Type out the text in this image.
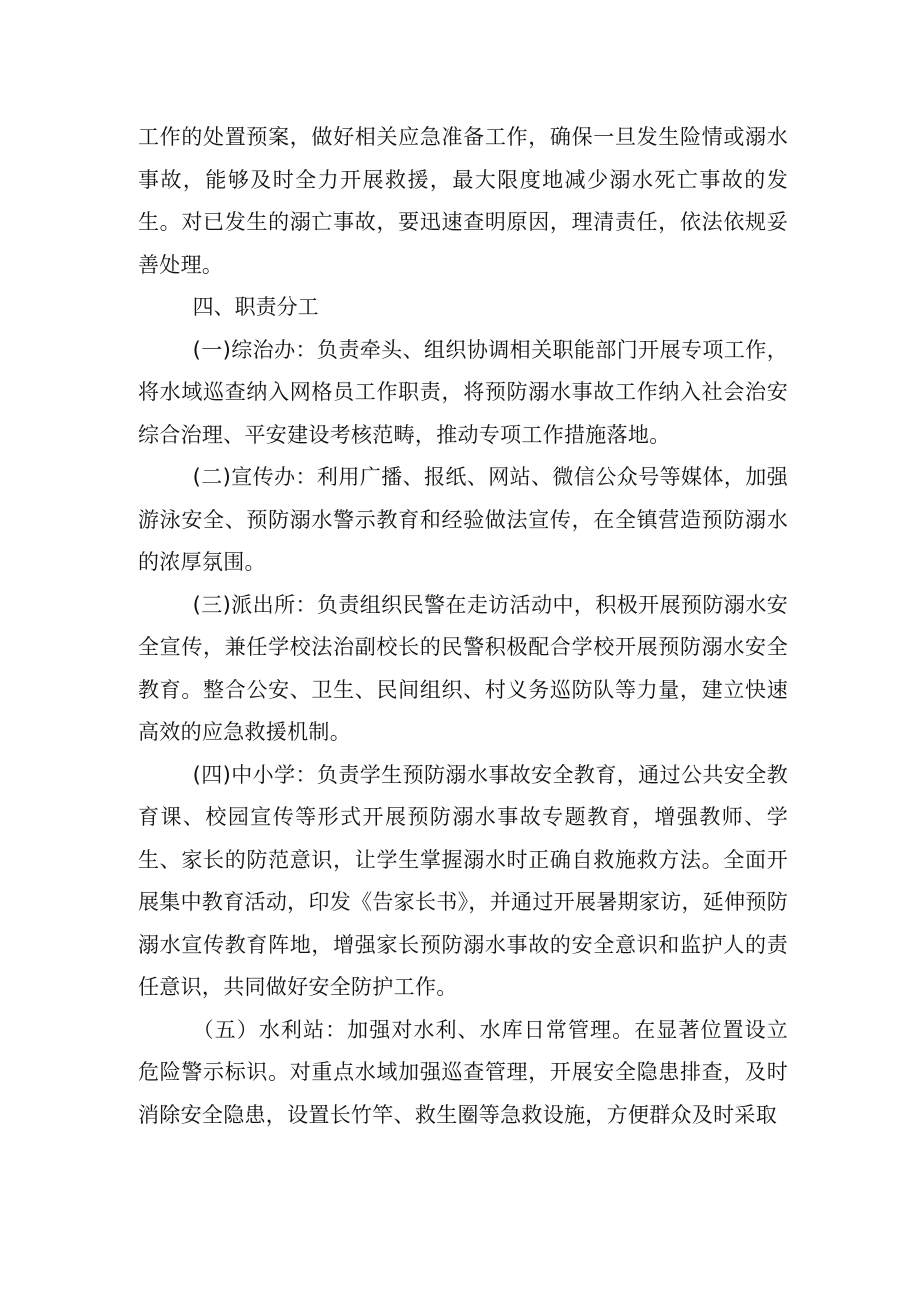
工作的处置预案，做好相关应急准备工作，确保一旦发生险情或溺水事故，能够及时全力开展救援，最大限度地减少溺水死亡事故的发生。对已发生的溺亡事故，要迅速查明原因，理清责任，依法依规妥善处理。

四、职责分工

(一)综治办：负责牵头、组织协调相关职能部门开展专项工作，将水域巡查纳入网格员工作职责，将预防溺水事故工作纳入社会治安综合治理、平安建设考核范畴，推动专项工作措施落地。

(二)宣传办：利用广播、报纸、网站、微信公众号等媒体，加强游泳安全、预防溺水警示教育和经验做法宣传，在全镇营造预防溺水的浓厚氛围。

(三)派出所：负责组织民警在走访活动中，积极开展预防溺水安全宣传，兼任学校法治副校长的民警积极配合学校开展预防溺水安全教育。整合公安、卫生、民间组织、村义务巡防队等力量，建立快速高效的应急救援机制。

(四)中小学：负责学生预防溺水事故安全教育，通过公共安全教育课、校园宣传等形式开展预防溺水事故专题教育，增强教师、学生、家长的防范意识，让学生掌握溺水时正确自救施救方法。全面开展集中教育活动，印发《告家长书》，并通过开展暑期家访，延伸预防溺水宣传教育阵地，增强家长预防溺水事故的安全意识和监护人的责任意识，共同做好安全防护工作。

（五）水利站：加强对水利、水库日常管理。在显著位置设立危险警示标识。对重点水域加强巡查管理，开展安全隐患排查，及时消除安全隐患，设置长竹竿、救生圈等急救设施，方便群众及时采取
